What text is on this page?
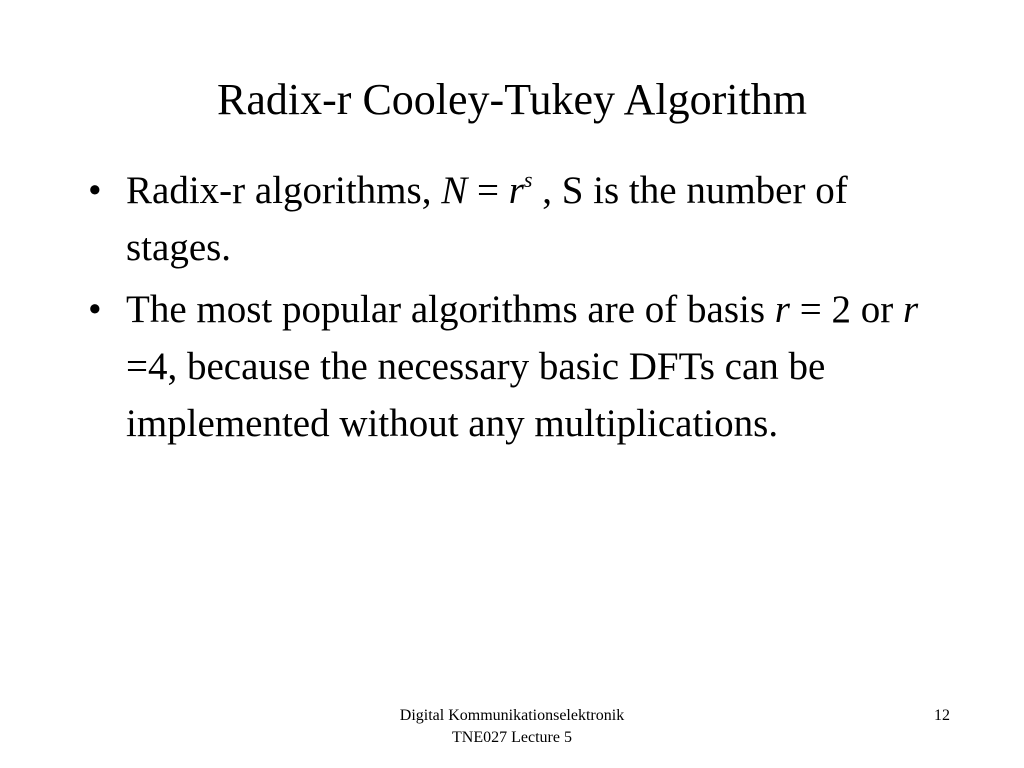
Radix-r Cooley-Tukey Algorithm
• Radix-r algorithms, $N = r^s$ , S is the number of stages.
• The most popular algorithms are of basis r = 2 or r =4, because the necessary basic DFTs can be implemented without any multiplications.
Digital Kommunikationselektronik
TNE027 Lecture 5
12
